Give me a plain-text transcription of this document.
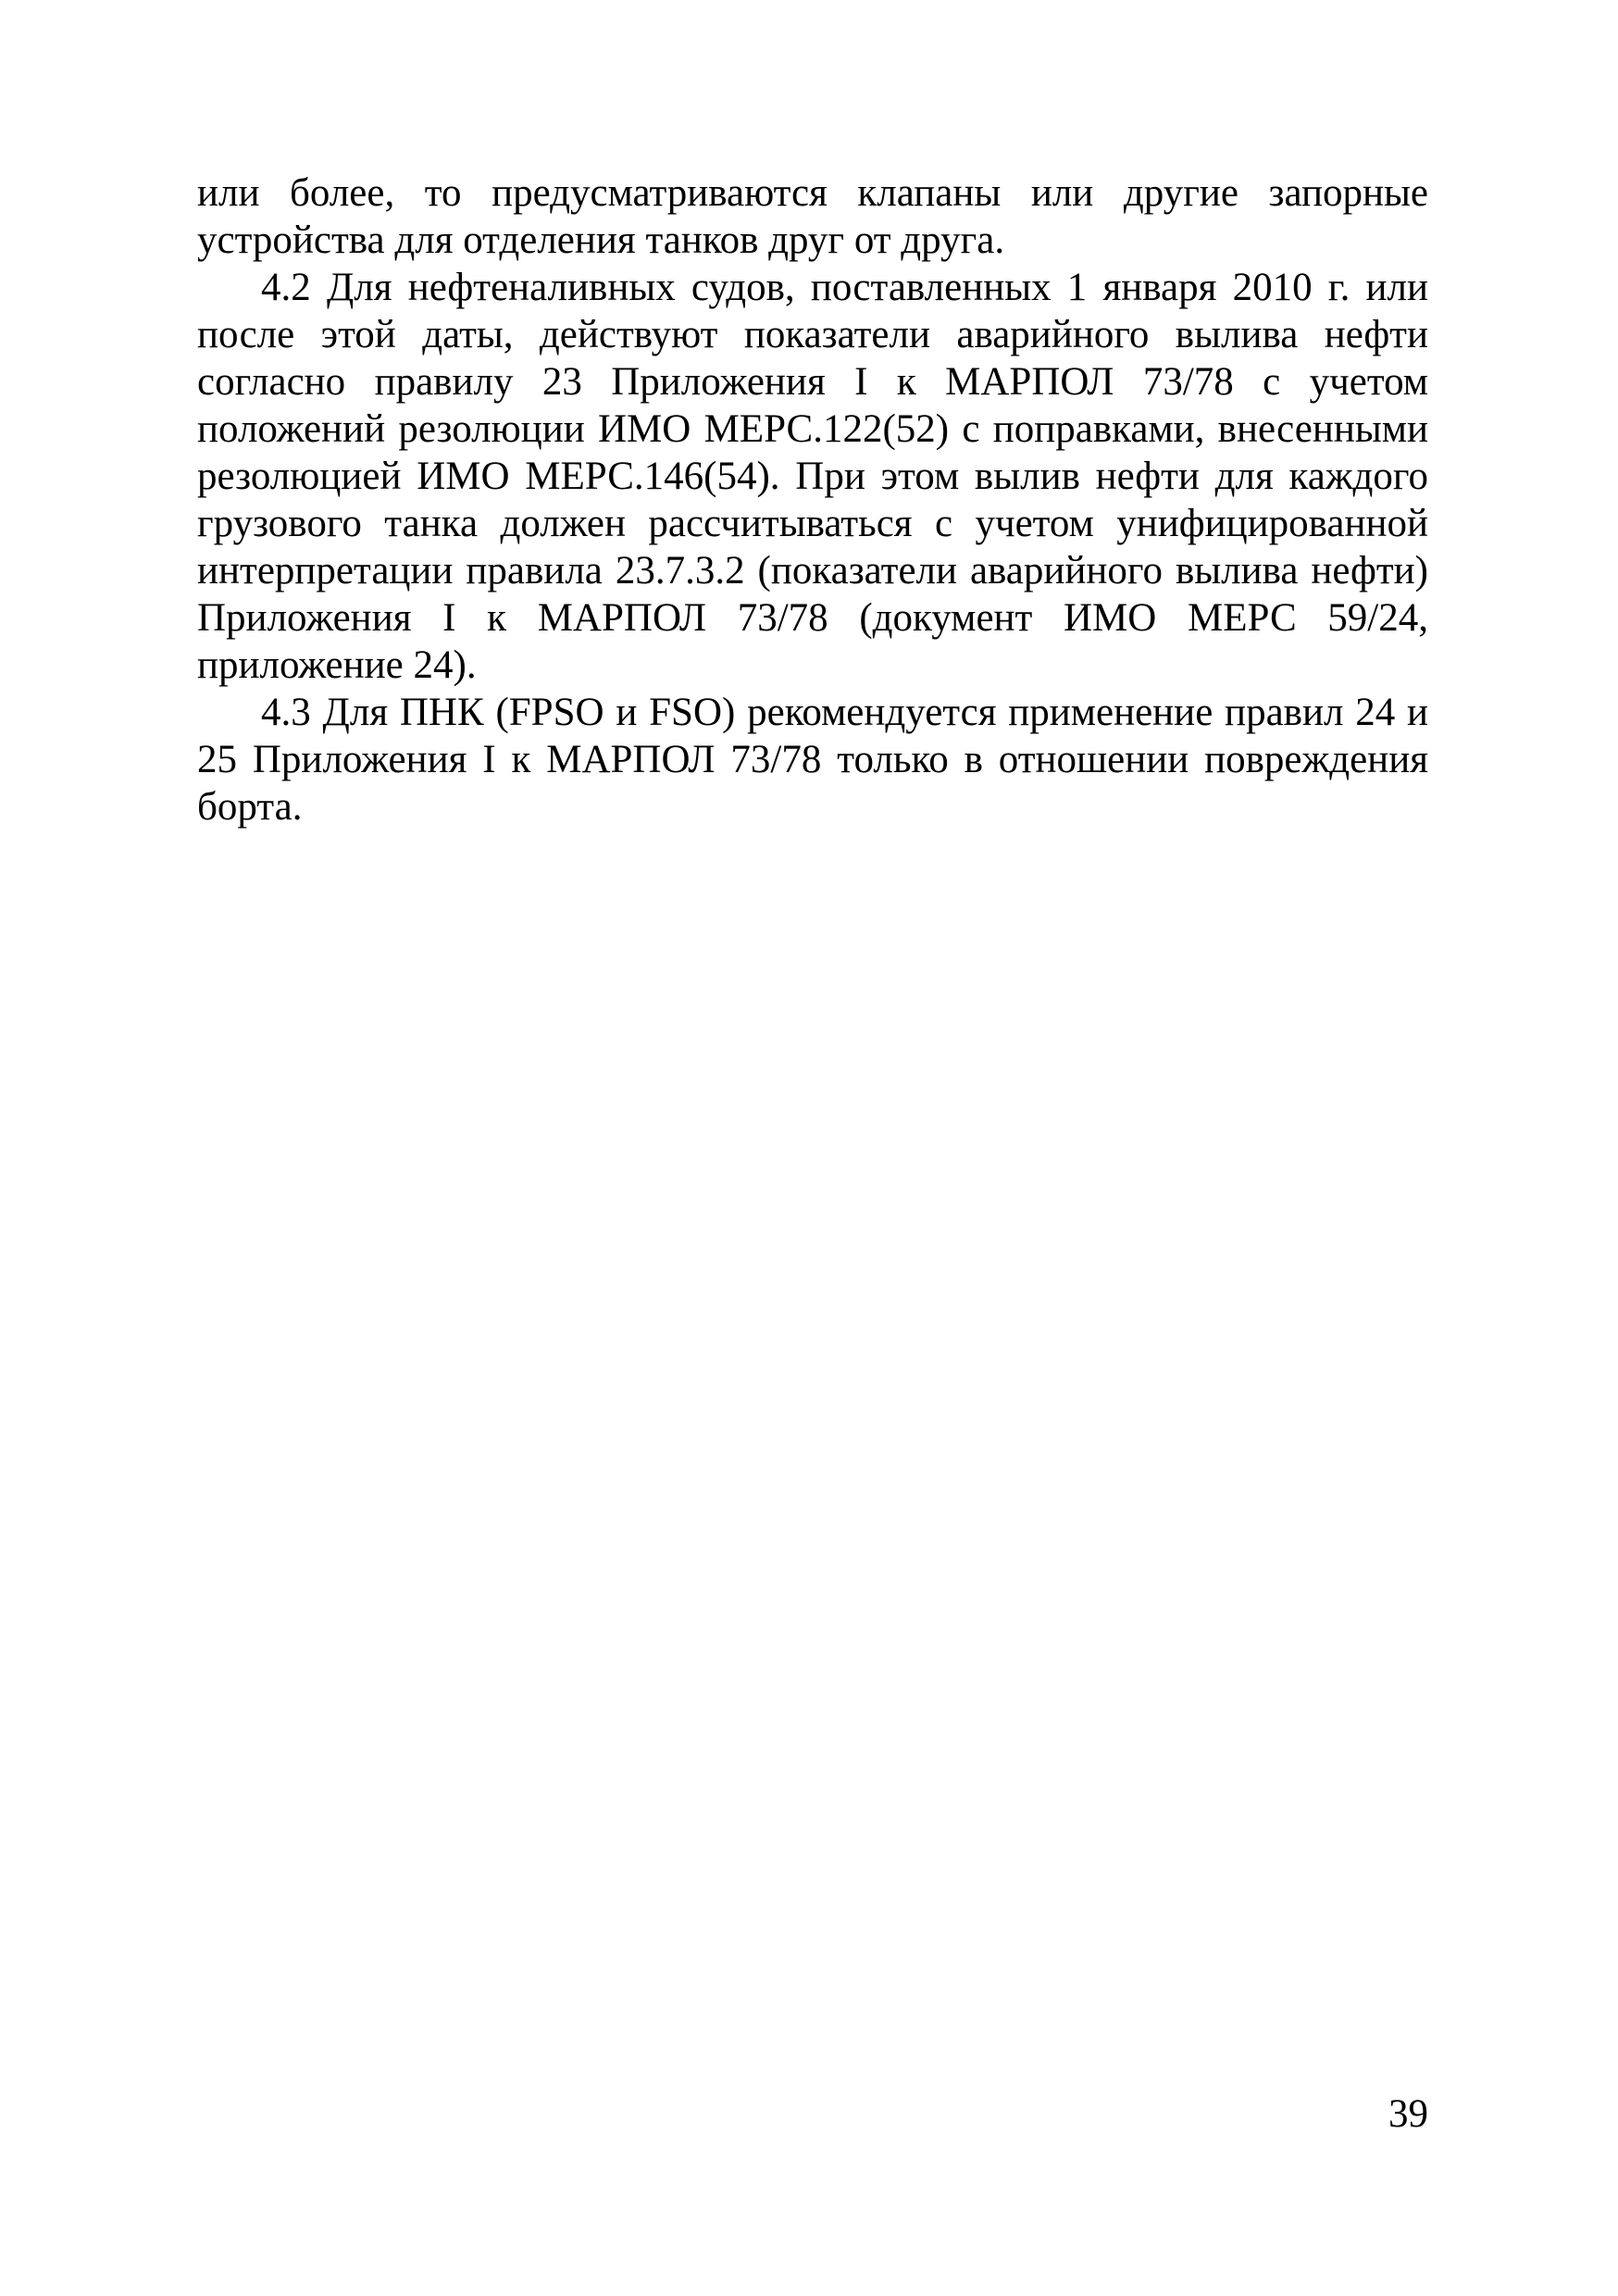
или более, то предусматриваются клапаны или другие запорные устройства для отделения танков друг от друга.

4.2 Для нефтеналивных судов, поставленных 1 января 2010 г. или после этой даты, действуют показатели аварийного вылива нефти согласно правилу 23 Приложения I к МАРПОЛ 73/78 с учетом положений резолюции ИМО МЕРС.122(52) с поправками, внесенными резолюцией ИМО МЕРС.146(54). При этом вылив нефти для каждого грузового танка должен рассчитываться с учетом унифицированной интерпретации правила 23.7.3.2 (показатели аварийного вылива нефти) Приложения I к МАРПОЛ 73/78 (документ ИМО МЕРС 59/24, приложение 24).

4.3 Для ПНК (FPSO и FSO) рекомендуется применение правил 24 и 25 Приложения I к МАРПОЛ 73/78 только в отношении повреждения борта.

39
